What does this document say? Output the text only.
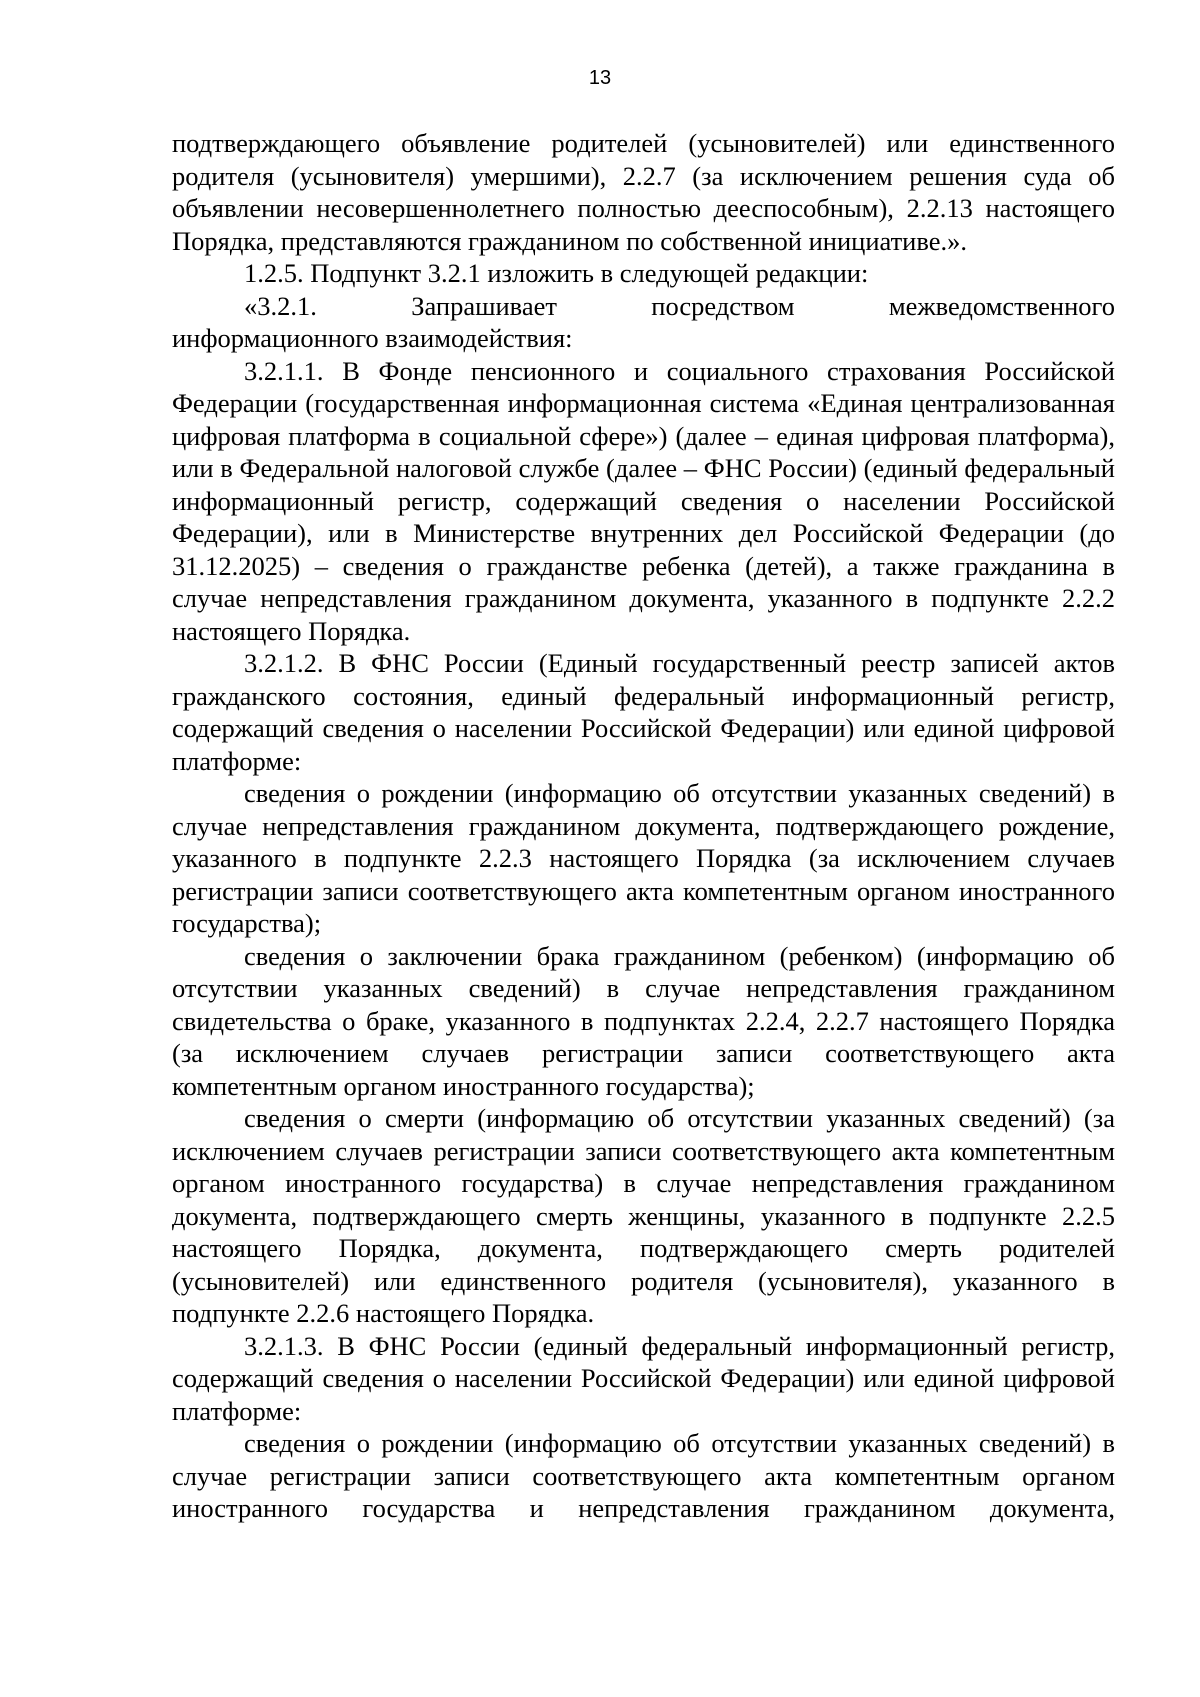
13

подтверждающего объявление родителей (усыновителей) или единственного родителя (усыновителя) умершими), 2.2.7 (за исключением решения суда об объявлении несовершеннолетнего полностью дееспособным), 2.2.13 настоящего Порядка, представляются гражданином по собственной инициативе.».

1.2.5. Подпункт 3.2.1 изложить в следующей редакции:

«3.2.1.	Запрашивает	посредством	межведомственного

информационного взаимодействия:

3.2.1.1. В Фонде пенсионного и социального страхования Российской Федерации (государственная информационная система «Единая централизованная цифровая платформа в социальной сфере») (далее – единая цифровая платформа), или в Федеральной налоговой службе (далее – ФНС России) (единый федеральный информационный регистр, содержащий сведения о населении Российской Федерации), или в Министерстве внутренних дел Российской Федерации (до 31.12.2025) – сведения о гражданстве ребенка (детей), а также гражданина в случае непредставления гражданином документа, указанного в подпункте 2.2.2 настоящего Порядка.

3.2.1.2. В ФНС России (Единый государственный реестр записей актов гражданского состояния, единый федеральный информационный регистр, содержащий сведения о населении Российской Федерации) или единой цифровой платформе:

сведения о рождении (информацию об отсутствии указанных сведений) в случае непредставления гражданином документа, подтверждающего рождение, указанного в подпункте 2.2.3 настоящего Порядка (за исключением случаев регистрации записи соответствующего акта компетентным органом иностранного государства);

сведения о заключении брака гражданином (ребенком) (информацию об отсутствии указанных сведений) в случае непредставления гражданином свидетельства о браке, указанного в подпунктах 2.2.4, 2.2.7 настоящего Порядка (за исключением случаев регистрации записи соответствующего акта компетентным органом иностранного государства);

сведения о смерти (информацию об отсутствии указанных сведений) (за исключением случаев регистрации записи соответствующего акта компетентным органом иностранного государства) в случае непредставления гражданином документа, подтверждающего смерть женщины, указанного в подпункте 2.2.5 настоящего Порядка, документа, подтверждающего смерть родителей (усыновителей) или единственного родителя (усыновителя), указанного в подпункте 2.2.6 настоящего Порядка.

3.2.1.3. В ФНС России (единый федеральный информационный регистр, содержащий сведения о населении Российской Федерации) или единой цифровой платформе:

сведения о рождении (информацию об отсутствии указанных сведений) в случае регистрации записи соответствующего акта компетентным органом иностранного государства и непредставления гражданином документа,
